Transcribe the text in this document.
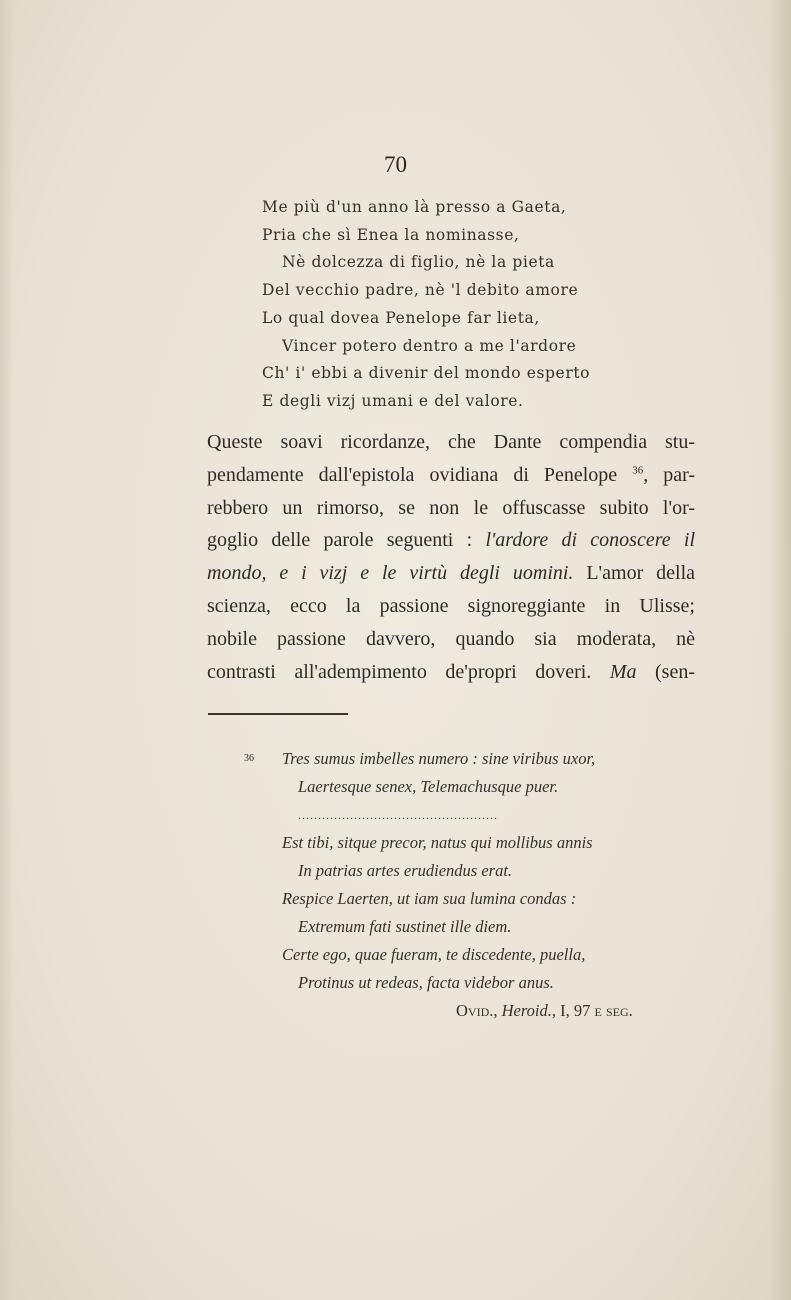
70
Me più d'un anno là presso a Gaeta,
Pria che sì Enea la nominasse,
Nè dolcezza di figlio, nè la pieta
Del vecchio padre, nè 'l debito amore
Lo qual dovea Penelope far lieta,
Vincer potero dentro a me l'ardore
Ch' i' ebbi a divenir del mondo esperto
E degli vizj umani e del valore.
Queste soavi ricordanze, che Dante compendia stu-
pendamente dall'epistola ovidiana di Penelope $^{36}$, par-
rebbero un rimorso, se non le offuscasse subito l'or-
goglio delle parole seguenti : l'ardore di conoscere il
mondo, e i vizj e le virtù degli uomini. L'amor della
scienza, ecco la passione signoreggiante in Ulisse;
nobile passione davvero, quando sia moderata, nè
contrasti all'adempimento de'propri doveri. Ma (sen-
36	Tres sumus imbelles numero : sine viribus uxor,
Laertesque senex, Telemachusque puer.
..................................................
Est tibi, sitque precor, natus qui mollibus annis
In patrias artes erudiendus erat.
Respice Laerten, ut iam sua lumina condas :
Extremum fati sustinet ille diem.
Certe ego, quae fueram, te discedente, puella,
Protinus ut redeas, facta videbor anus.
Ovid., Heroid., I, 97 e seg.
